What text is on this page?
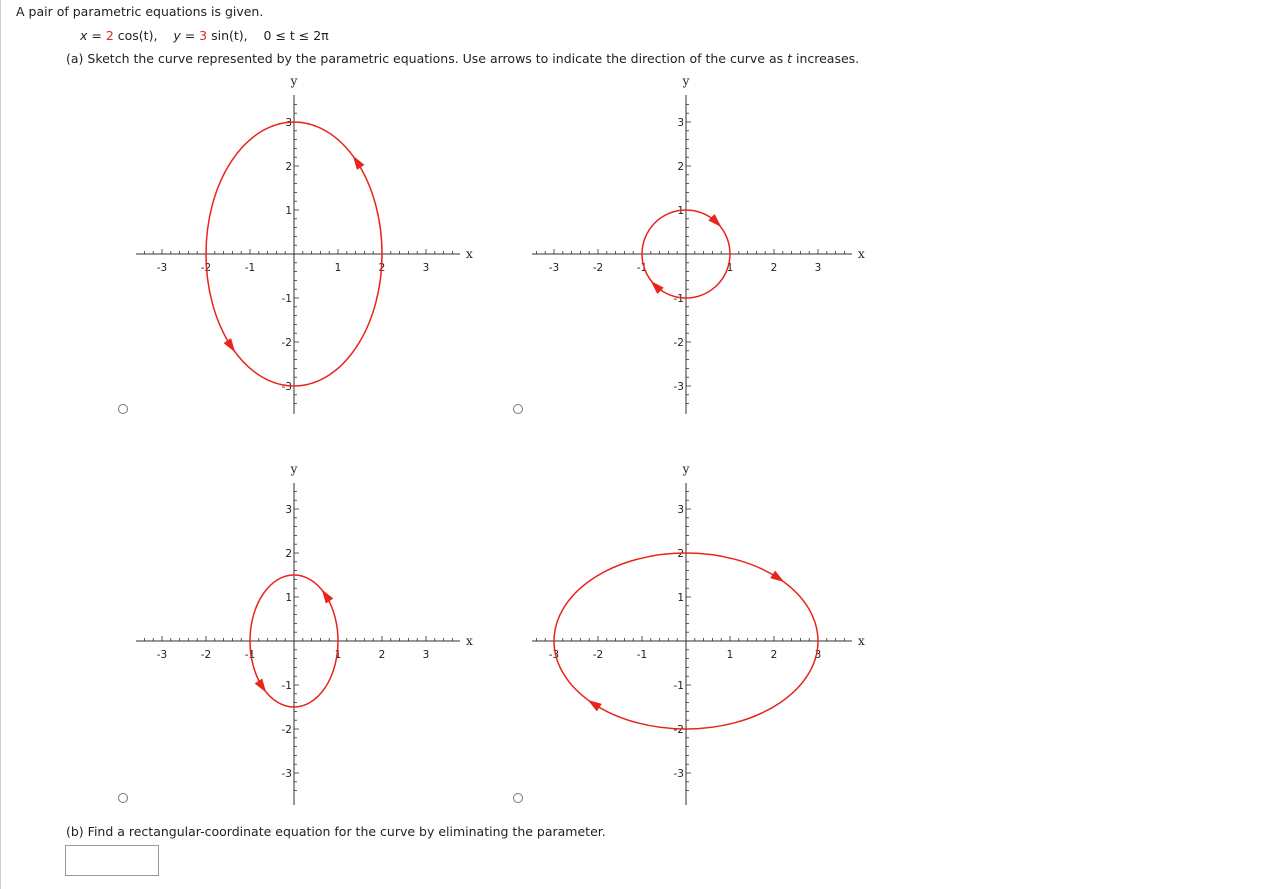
A pair of parametric equations is given.
x = 2 cos(t), y = 3 sin(t), 0 ≤ t ≤ 2π
(a) Sketch the curve represented by the parametric equations. Use arrows to indicate the direction of the curve as t increases.
-3
-3
-2
-2
-1
-1
1
1
2
2
3
3
x
y
-3
-3
-2
-2
-1
-1
1
1
2
2
3
3
x
y
-3
-3
-2
-2
-1
-1
1
1
2
2
3
3
x
y
-3
-3
-2
-2
-1
-1
1
1
2
2
3
3
x
y
(b) Find a rectangular-coordinate equation for the curve by eliminating the parameter.
